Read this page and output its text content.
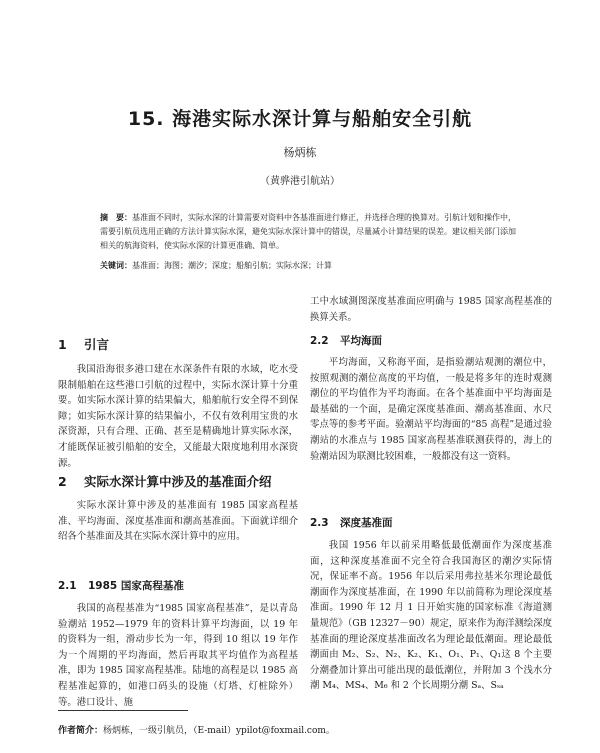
15. 海港实际水深计算与船舶安全引航

杨炳栋

（黄骅港引航站）

摘　要：基准面不同时，实际水深的计算需要对资料中各基准面进行修正，并选择合理的换算对。引航计划和操作中，需要引航员选用正确的方法计算实际水深，避免实际水深计算中的错误，尽量减小计算结果的误差。建议相关部门添加相关的航海资料，使实际水深的计算更准确、简单。

关键词：基准面；海图；潮汐；深度；船舶引航；实际水深；计算

1 引言

我国沿海很多港口建在水深条件有限的水域，吃水受限制船舶在这些港口引航的过程中，实际水深计算十分重要。如实际水深计算的结果偏大，船舶航行安全得不到保障；如实际水深计算的结果偏小，不仅有效利用宝贵的水深资源，只有合理、正确、甚至是精确地计算实际水深，才能既保证被引船舶的安全，又能最大限度地利用水深资源。

2 实际水深计算中涉及的基准面介绍

实际水深计算中涉及的基准面有 1985 国家高程基准、平均海面、深度基准面和潮高基准面。下面就详细介绍各个基准面及其在实际水深计算中的应用。

2.1 1985 国家高程基准

我国的高程基准为“1985 国家高程基准”，是以青岛验潮站 1952—1979 年的资料计算平均海面，以 19 年的资料为一组，滑动步长为一年，得到 10 组以 19 年作为一个周期的平均海面，然后再取其平均值作为高程基准，即为 1985 国家高程基准。陆地的高程是以 1985 高程基准起算的，如港口码头的设施（灯塔、灯桩除外）等。港口设计、施

工中水域測图深度基准面应明确与 1985 国家高程基准的换算关系。

2.2 平均海面

平均海面，又称海平面，是指验潮站观测的潮位中，按照观测的潮位高度的平均值，一般是将多年的连时观测潮位的平均值作为平均海面。在各个基准面中平均海面是最基础的一个面，是确定深度基准面、潮高基准面、水尺零点等的参考平面。验潮站平均海面的“85 高程”是通过验潮站的水准点与 1985 国家高程基准联测获得的，海上的验潮站因为联测比较困难，一般都没有这一资料。

2.3 深度基准面

我国 1956 年以前采用略低最低潮面作为深度基准面，这种深度基准面不完全符合我国海区的潮汐实际情况，保证率不高。1956 年以后采用弗拉基米尔理论最低潮面作为深度基准面，在 1990 年以前简称为理论深度基准面。1990 年 12 月 1 日开始实施的国家标准《海道测量规范》（GB 12327－90）规定，原来作为海洋测绘深度基准面的理论深度基准面改名为理论最低潮面。理论最低潮面由 M₂、S₂、N₂、K₂、K₁、O₁、P₁、Q₁这 8 个主要分潮叠加计算出可能出现的最低潮位，并附加 3 个浅水分潮 M₄、MS₄、M₆ 和 2 个长周期分潮 Sₐ、Sₛₐ

作者简介：杨炳栋，一级引航员，（E-mail）ypilot@foxmail.com。
